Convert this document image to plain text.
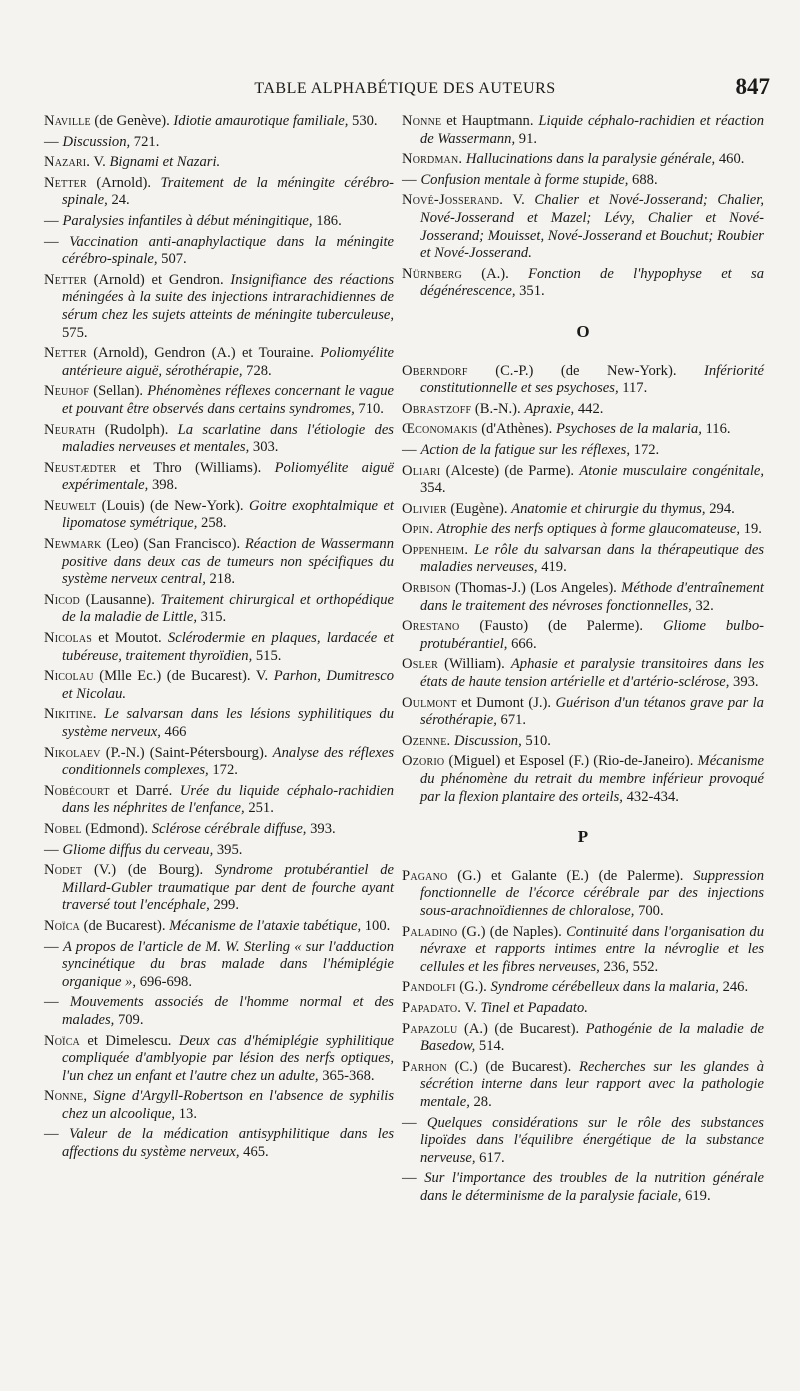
TABLE ALPHABÉTIQUE DES AUTEURS	847
Naville (de Genève). Idiotie amaurotique familiale, 530.
— Discussion, 721.
Nazari. V. Bignami et Nazari.
Netter (Arnold). Traitement de la méningite cérébro-spinale, 24.
— Paralysies infantiles à début méningitique, 186.
— Vaccination anti-anaphylactique dans la méningite cérébro-spinale, 507.
Netter (Arnold) et Gendron. Insignifiance des réactions méningées à la suite des injections intrarachidiennes de sérum chez les sujets atteints de méningite tuberculeuse, 575.
Netter (Arnold), Gendron (A.) et Touraine. Poliomyélite antérieure aiguë, sérothérapie, 728.
Neuhof (Sellan). Phénomènes réflexes concernant le vague et pouvant être observés dans certains syndromes, 710.
Neurath (Rudolph). La scarlatine dans l'étiologie des maladies nerveuses et mentales, 303.
Neustædter et Thro (Williams). Poliomyélite aiguë expérimentale, 398.
Neuwelt (Louis) (de New-York). Goitre exophtalmique et lipomatose symétrique, 258.
Newmark (Leo) (San Francisco). Réaction de Wassermann positive dans deux cas de tumeurs non spécifiques du système nerveux central, 218.
Nicod (Lausanne). Traitement chirurgical et orthopédique de la maladie de Little, 315.
Nicolas et Moutot. Sclérodermie en plaques, lardacée et tubéreuse, traitement thyroïdien, 515.
Nicolau (Mlle Ec.) (de Bucarest). V. Parhon, Dumitresco et Nicolau.
Nikitine. Le salvarsan dans les lésions syphilitiques du système nerveux, 466
Nikolaev (P.-N.) (Saint-Pétersbourg). Analyse des réflexes conditionnels complexes, 172.
Nobécourt et Darré. Urée du liquide céphalo-rachidien dans les néphrites de l'enfance, 251.
Nobel (Edmond). Sclérose cérébrale diffuse, 393.
— Gliome diffus du cerveau, 395.
Nodet (V.) (de Bourg). Syndrome protubérantiel de Millard-Gubler traumatique par dent de fourche ayant traversé tout l'encéphale, 299.
Noïca (de Bucarest). Mécanisme de l'ataxie tabétique, 100.
— A propos de l'article de M. W. Sterling « sur l'adduction syncinétique du bras malade dans l'hémiplégie organique », 696-698.
— Mouvements associés de l'homme normal et des malades, 709.
Noïca et Dimelescu. Deux cas d'hémiplégie syphilitique compliquée d'amblyopie par lésion des nerfs optiques, l'un chez un enfant et l'autre chez un adulte, 365-368.
Nonne, Signe d'Argyll-Robertson en l'absence de syphilis chez un alcoolique, 13.
— Valeur de la médication antisyphilitique dans les affections du système nerveux, 465.
Nonne et Hauptmann. Liquide céphalo-rachidien et réaction de Wassermann, 91.
Nordman. Hallucinations dans la paralysie générale, 460.
— Confusion mentale à forme stupide, 688.
Nové-Josserand. V. Chalier et Nové-Josserand; Chalier, Nové-Josserand et Mazel; Lévy, Chalier et Nové-Josserand; Mouisset, Nové-Josserand et Bouchut; Roubier et Nové-Josserand.
Nürnberg (A.). Fonction de l'hypophyse et sa dégénérescence, 351.
O
Oberndorf (C.-P.) (de New-York). Infériorité constitutionnelle et ses psychoses, 117.
Obrastzoff (B.-N.). Apraxie, 442.
Œconomakis (d'Athènes). Psychoses de la malaria, 116.
— Action de la fatigue sur les réflexes, 172.
Oliari (Alceste) (de Parme). Atonie musculaire congénitale, 354.
Olivier (Eugène). Anatomie et chirurgie du thymus, 294.
Opin. Atrophie des nerfs optiques à forme glaucomateuse, 19.
Oppenheim. Le rôle du salvarsan dans la thérapeutique des maladies nerveuses, 419.
Orbison (Thomas-J.) (Los Angeles). Méthode d'entraînement dans le traitement des névroses fonctionnelles, 32.
Orestano (Fausto) (de Palerme). Gliome bulbo-protubérantiel, 666.
Osler (William). Aphasie et paralysie transitoires dans les états de haute tension artérielle et d'artério-sclérose, 393.
Oulmont et Dumont (J.). Guérison d'un tétanos grave par la sérothérapie, 671.
Ozenne. Discussion, 510.
Ozorio (Miguel) et Esposel (F.) (Rio-de-Janeiro). Mécanisme du phénomène du retrait du membre inférieur provoqué par la flexion plantaire des orteils, 432-434.
P
Pagano (G.) et Galante (E.) (de Palerme). Suppression fonctionnelle de l'écorce cérébrale par des injections sous-arachnoïdiennes de chloralose, 700.
Paladino (G.) (de Naples). Continuité dans l'organisation du névraxe et rapports intimes entre la névroglie et les cellules et les fibres nerveuses, 236, 552.
Pandolfi (G.). Syndrome cérébelleux dans la malaria, 246.
Papadato. V. Tinel et Papadato.
Papazolu (A.) (de Bucarest). Pathogénie de la maladie de Basedow, 514.
Parhon (C.) (de Bucarest). Recherches sur les glandes à sécrétion interne dans leur rapport avec la pathologie mentale, 28.
— Quelques considérations sur le rôle des substances lipoïdes dans l'équilibre énergétique de la substance nerveuse, 617.
— Sur l'importance des troubles de la nutrition générale dans le déterminisme de la paralysie faciale, 619.
